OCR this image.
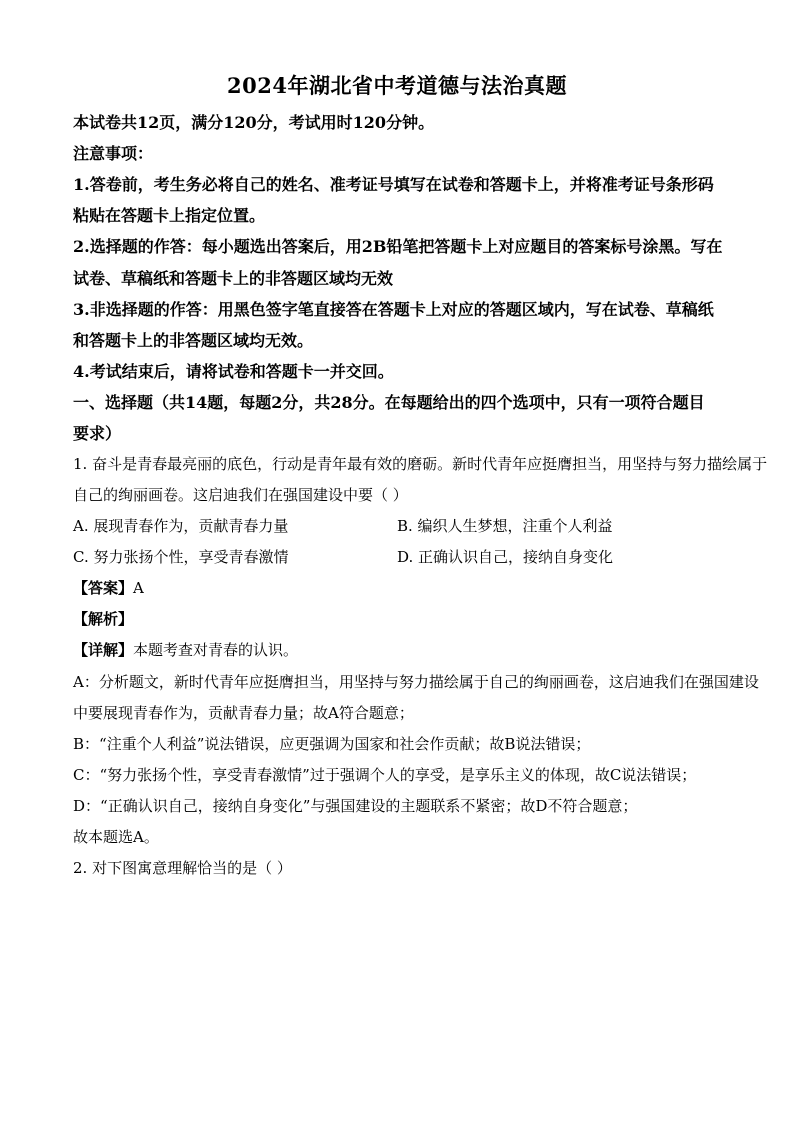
2024年湖北省中考道德与法治真题
本试卷共12页，满分120分，考试用时120分钟。
注意事项：
1.答卷前，考生务必将自己的姓名、准考证号填写在试卷和答题卡上，并将准考证号条形码
粘贴在答题卡上指定位置。
2.选择题的作答：每小题选出答案后，用2B铅笔把答题卡上对应题目的答案标号涂黑。写在
试卷、草稿纸和答题卡上的非答题区域均无效
3.非选择题的作答：用黑色签字笔直接答在答题卡上对应的答题区域内，写在试卷、草稿纸
和答题卡上的非答题区域均无效。
4.考试结束后，请将试卷和答题卡一并交回。
一、选择题（共14题，每题2分，共28分。在每题给出的四个选项中，只有一项符合题目
要求）
1. 奋斗是青春最亮丽的底色，行动是青年最有效的磨砺。新时代青年应挺膺担当，用坚持与努力描绘属于
自己的绚丽画卷。这启迪我们在强国建设中要（ ）
A. 展现青春作为，贡献青春力量	B. 编织人生梦想，注重个人利益
C. 努力张扬个性，享受青春激情	D. 正确认识自己，接纳自身变化
【答案】A
【解析】
【详解】本题考查对青春的认识。
A：分析题文，新时代青年应挺膺担当，用坚持与努力描绘属于自己的绚丽画卷，这启迪我们在强国建设
中要展现青春作为，贡献青春力量；故A符合题意；
B：“注重个人利益”说法错误，应更强调为国家和社会作贡献；故B说法错误；
C：“努力张扬个性，享受青春激情”过于强调个人的享受，是享乐主义的体现，故C说法错误；
D：“正确认识自己，接纳自身变化”与强国建设的主题联系不紧密；故D不符合题意；
故本题选A。
2. 对下图寓意理解恰当的是（ ）
